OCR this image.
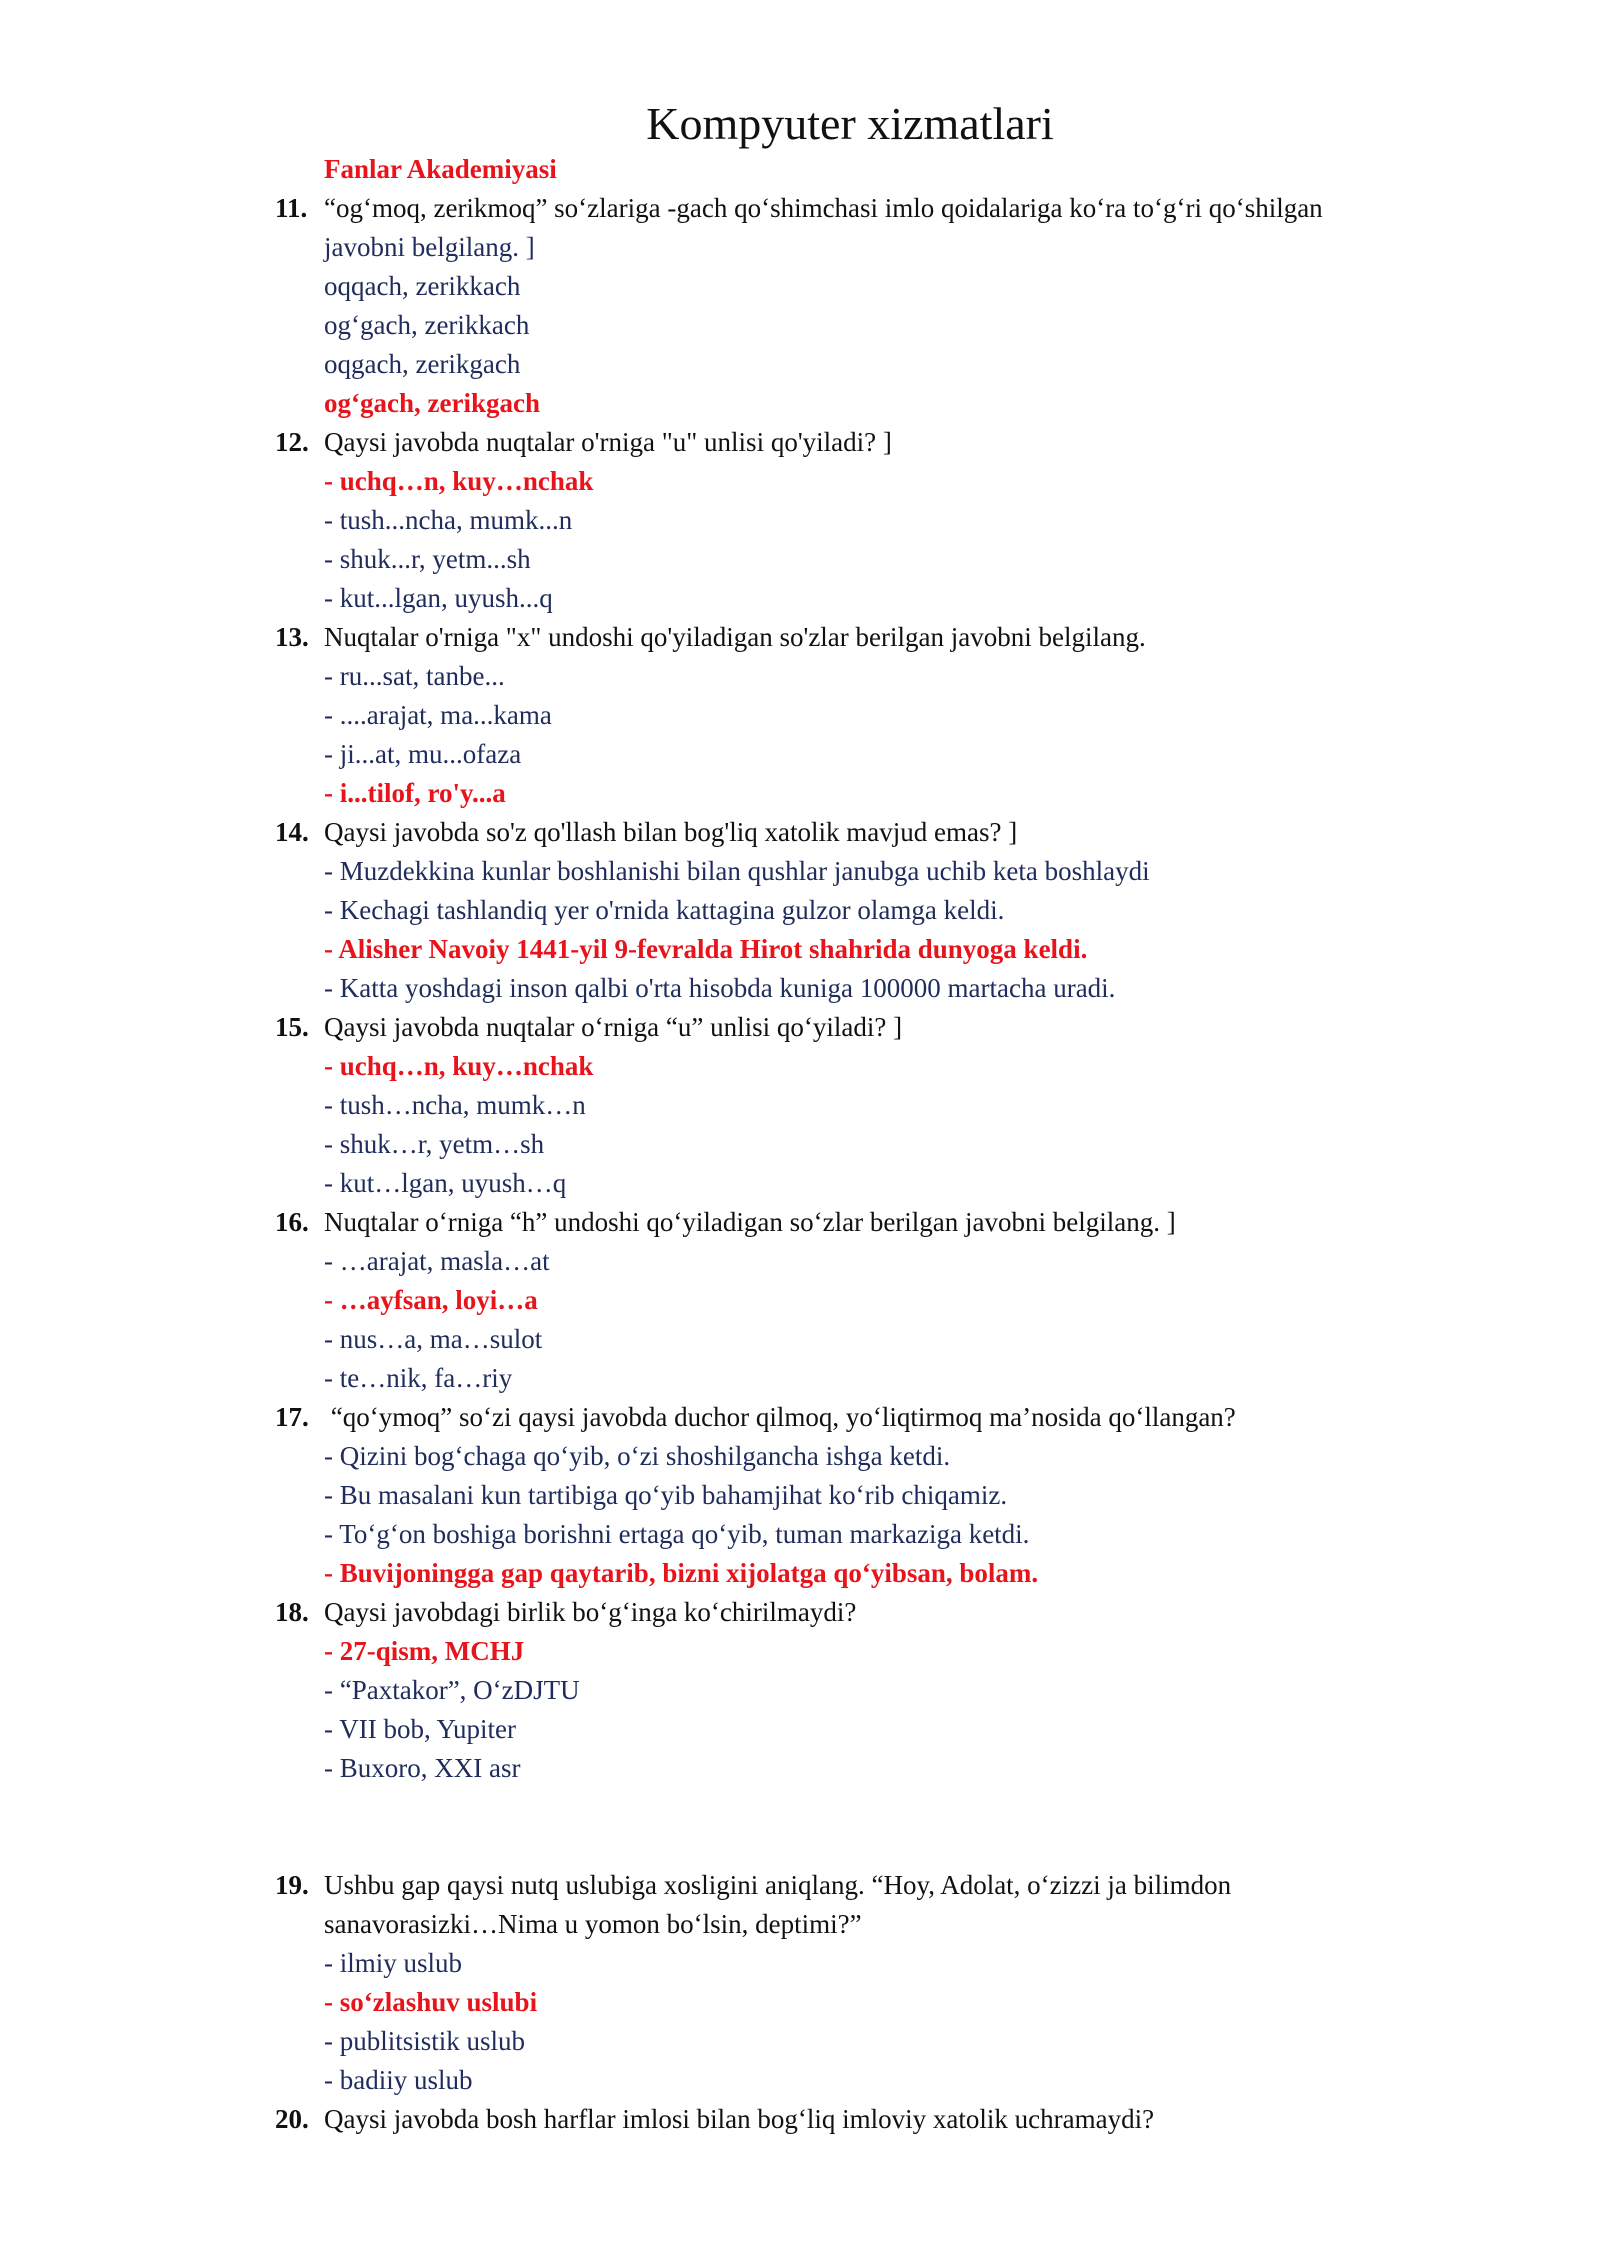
Kompyuter xizmatlari
Fanlar Akademiyasi
11. “og‘moq, zerikmoq” so‘zlariga -gach qo‘shimchasi imlo qoidalariga ko‘ra to‘g‘ri qo‘shilgan
javobni belgilang. ]
oqqach, zerikkach
og‘gach, zerikkach
oqgach, zerikgach
og‘gach, zerikgach
12. Qaysi javobda nuqtalar o'rniga "u" unlisi qo'yiladi? ]
- uchq…n, kuy…nchak
- tush...ncha, mumk...n
- shuk...r, yetm...sh
- kut...lgan, uyush...q
13. Nuqtalar o'rniga "x" undoshi qo'yiladigan so'zlar berilgan javobni belgilang.
- ru...sat, tanbe...
- ....arajat, ma...kama
- ji...at, mu...ofaza
- i...tilof, ro'y...a
14. Qaysi javobda so'z qo'llash bilan bog'liq xatolik mavjud emas? ]
- Muzdekkina kunlar boshlanishi bilan qushlar janubga uchib keta boshlaydi
- Kechagi tashlandiq yer o'rnida kattagina gulzor olamga keldi.
- Alisher Navoiy 1441-yil 9-fevralda Hirot shahrida dunyoga keldi.
- Katta yoshdagi inson qalbi o'rta hisobda kuniga 100000 martacha uradi.
15. Qaysi javobda nuqtalar o‘rniga “u” unlisi qo‘yiladi? ]
- uchq…n, kuy…nchak
- tush…ncha, mumk…n
- shuk…r, yetm…sh
- kut…lgan, uyush…q
16. Nuqtalar o‘rniga “h” undoshi qo‘yiladigan so‘zlar berilgan javobni belgilang. ]
- …arajat, masla…at
- …ayfsan, loyi…a
- nus…a, ma…sulot
- te…nik, fa…riy
17. “qo‘ymoq” so‘zi qaysi javobda duchor qilmoq, yo‘liqtirmoq ma’nosida qo‘llangan?
- Qizini bog‘chaga qo‘yib, o‘zi shoshilgancha ishga ketdi.
- Bu masalani kun tartibiga qo‘yib bahamjihat ko‘rib chiqamiz.
- To‘g‘on boshiga borishni ertaga qo‘yib, tuman markaziga ketdi.
- Buvijoningga gap qaytarib, bizni xijolatga qo‘yibsan, bolam.
18. Qaysi javobdagi birlik bo‘g‘inga ko‘chirilmaydi?
- 27-qism, MCHJ
- “Paxtakor”, O‘zDJTU
- VII bob, Yupiter
- Buxoro, XXI asr
19. Ushbu gap qaysi nutq uslubiga xosligini aniqlang. “Hoy, Adolat, o‘zizzi ja bilimdon
sanavorasizki…Nima u yomon bo‘lsin, deptimi?”
- ilmiy uslub
- so‘zlashuv uslubi
- publitsistik uslub
- badiiy uslub
20. Qaysi javobda bosh harflar imlosi bilan bog‘liq imloviy xatolik uchramaydi?
